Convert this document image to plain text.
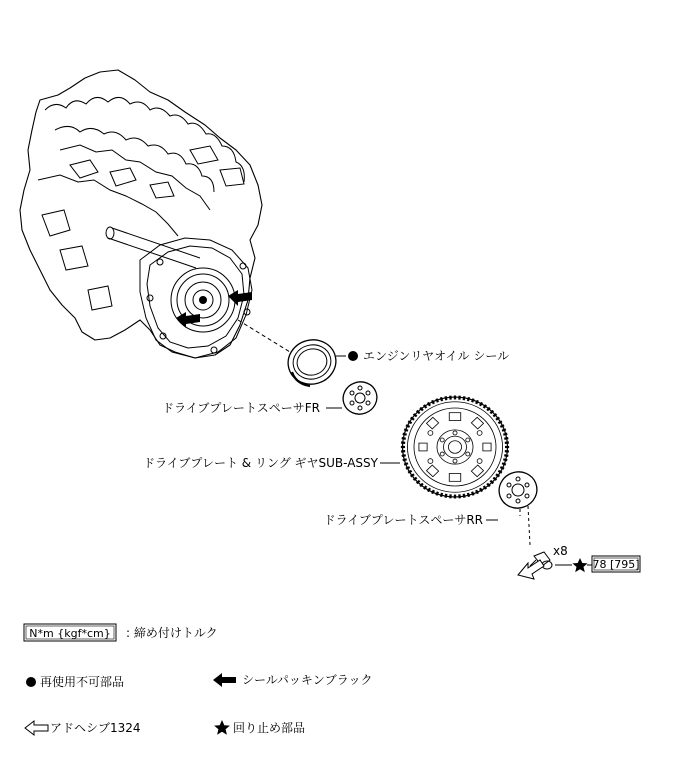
エンジンリヤオイル シール
ドライブプレートスペーサFR
ドライブプレート & リング ギヤSUB-ASSY
ドライブプレートスペーサRR
x8
78 [795]
N*m {kgf*cm} : 締め付けトルク
再使用不可部品	シールパッキンブラック
アドヘシブ1324	回り止め部品
